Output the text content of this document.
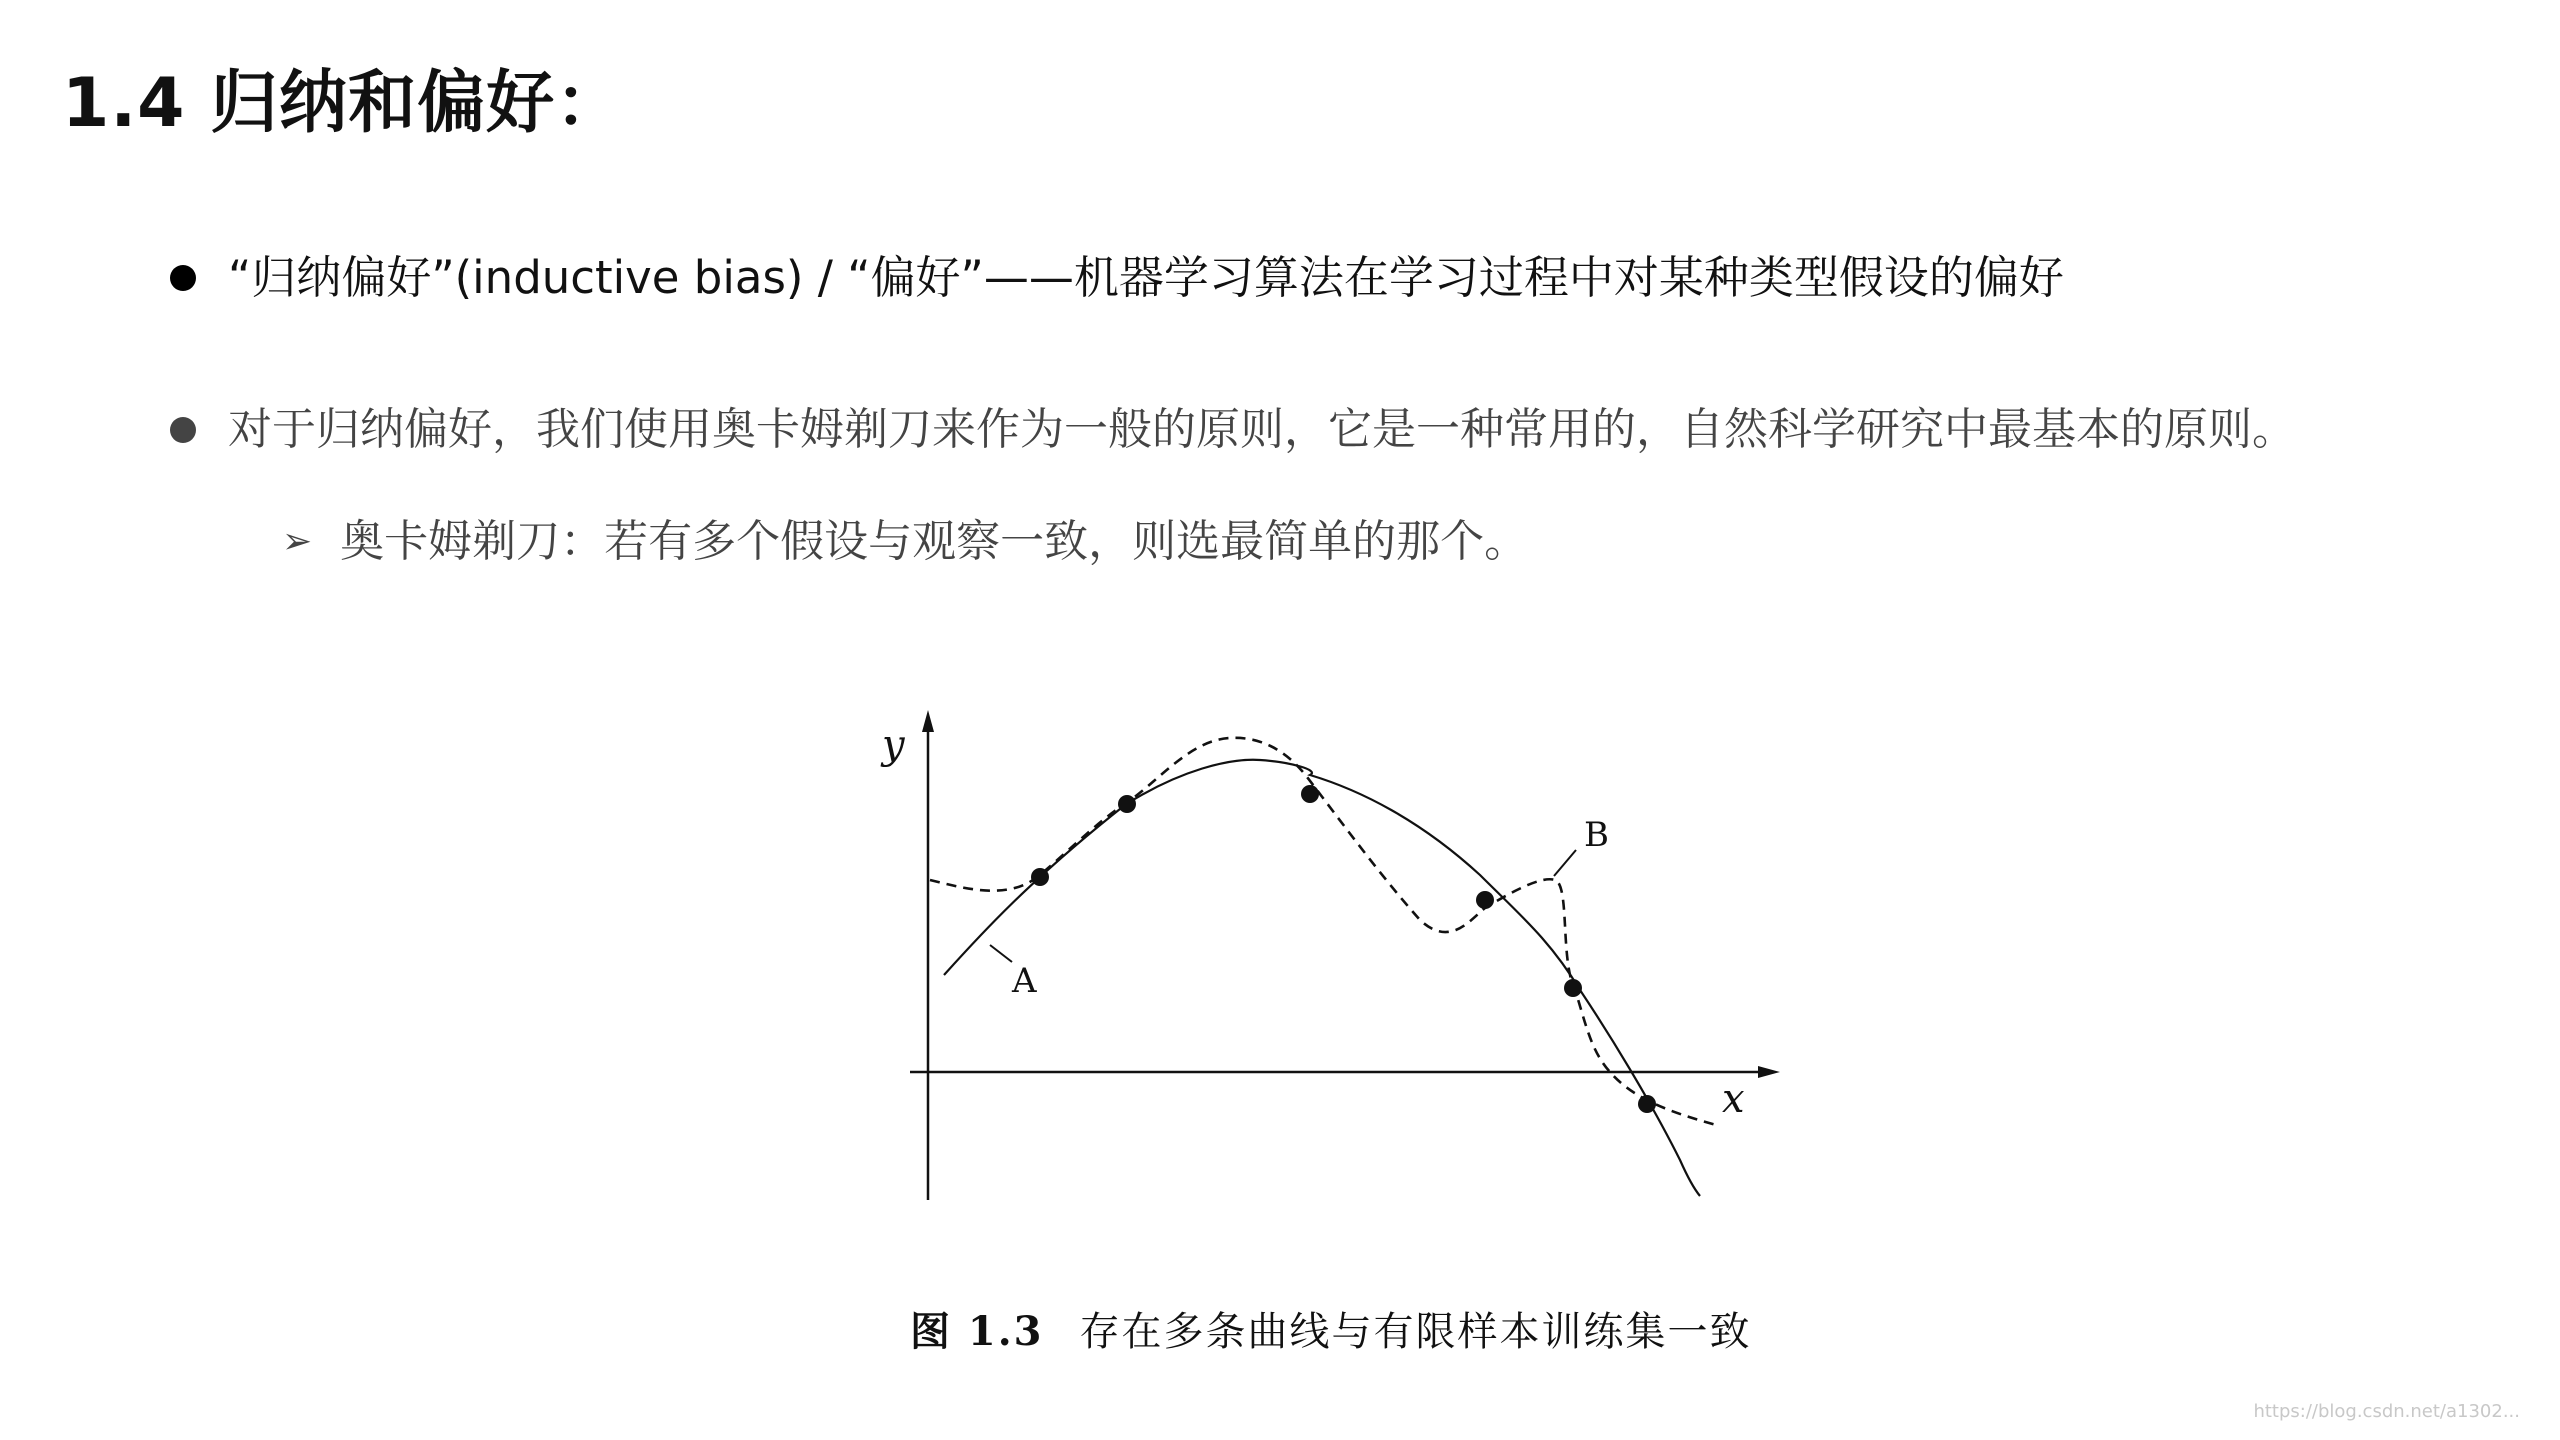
1.4 归纳和偏好：
“归纳偏好”(inductive bias) / “偏好”——机器学习算法在学习过程中对某种类型假设的偏好
对于归纳偏好，我们使用奥卡姆剃刀来作为一般的原则，它是一种常用的，自然科学研究中最基本的原则。
➢ 奥卡姆剃刀：若有多个假设与观察一致，则选最简单的那个。
y
x
A
B
图 1.3 存在多条曲线与有限样本训练集一致
https://blog.csdn.net/a1302...
